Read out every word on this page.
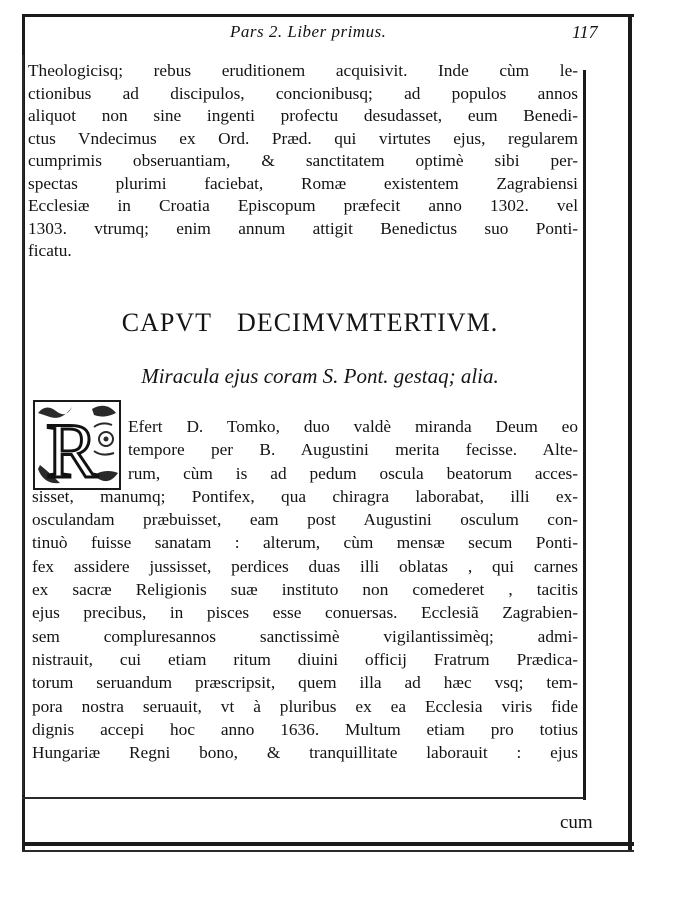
Pars 2. Liber primus.	117
Theologicisq; rebus eruditionem acquisivit. Inde cùm le-
ctionibus ad discipulos, concionibusq; ad populos annos
aliquot non sine ingenti profectu desudasset, eum Benedi-
ctus Vndecimus ex Ord. Præd. qui virtutes ejus, regularem
cumprimis obseruantiam, & sanctitatem optimè sibi per-
spectas plurimi faciebat, Romæ existentem Zagrabiensi
Ecclesiæ in Croatia Episcopum præfecit anno 1302. vel
1303. vtrumq; enim annum attigit Benedictus suo Ponti-
ficatu.
CAPVT DECIMVMTERTIVM.
Miracula ejus coram S. Pont. gestaq; alia.
R	Efert D. Tomko, duo valdè miranda Deum eo
tempore per B. Augustini merita fecisse. Alte-
rum, cùm is ad pedum oscula beatorum acces-
sisset, manumq; Pontifex, qua chiragra laborabat, illi ex-
osculandam præbuisset, eam post Augustini osculum con-
tinuò fuisse sanatam : alterum, cùm mensæ secum Ponti-
fex assidere jussisset, perdices duas illi oblatas , qui carnes
ex sacræ Religionis suæ instituto non comederet , tacitis
ejus precibus, in pisces esse conuersas. Ecclesiã Zagrabien-
sem compluresannos sanctissimè vigilantissimèq; admi-
nistrauit, cui etiam ritum diuini officij Fratrum Prædica-
torum seruandum præscripsit, quem illa ad hæc vsq; tem-
pora nostra seruauit, vt à pluribus ex ea Ecclesia viris fide
dignis accepi hoc anno 1636. Multum etiam pro totius
Hungariæ Regni bono, & tranquillitate laborauit : ejus
cum
